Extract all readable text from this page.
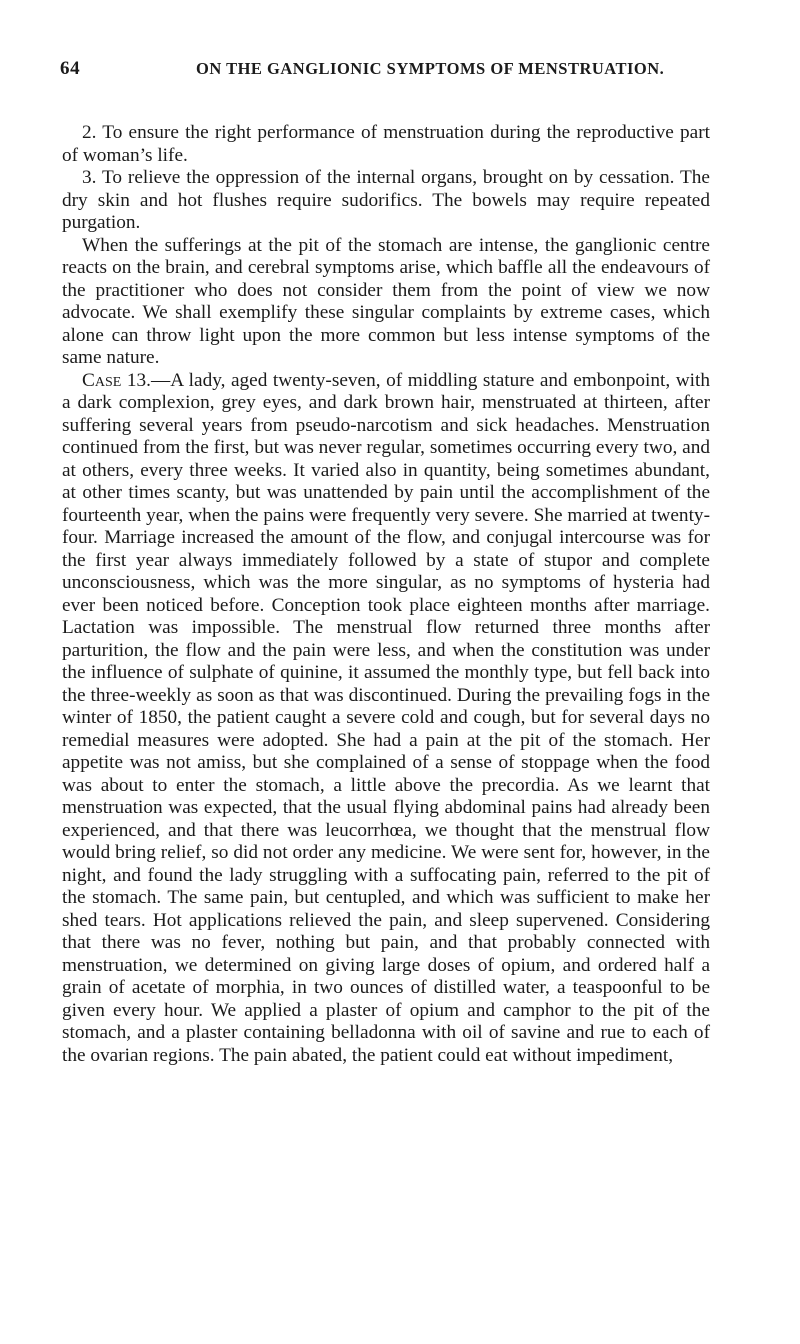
64	ON THE GANGLIONIC SYMPTOMS OF MENSTRUATION.

2. To ensure the right performance of menstruation during the reproductive part of woman’s life.

3. To relieve the oppression of the internal organs, brought on by cessation. The dry skin and hot flushes require sudorifics. The bowels may require repeated purgation.

When the sufferings at the pit of the stomach are intense, the ganglionic centre reacts on the brain, and cerebral symptoms arise, which baffle all the endeavours of the practitioner who does not consider them from the point of view we now advocate. We shall exemplify these singular complaints by extreme cases, which alone can throw light upon the more common but less intense symptoms of the same nature.

Case 13.—A lady, aged twenty-seven, of middling stature and embonpoint, with a dark complexion, grey eyes, and dark brown hair, menstruated at thirteen, after suffering several years from pseudo-narcotism and sick headaches. Menstruation continued from the first, but was never regular, sometimes occurring every two, and at others, every three weeks. It varied also in quantity, being sometimes abundant, at other times scanty, but was unattended by pain until the accomplishment of the fourteenth year, when the pains were frequently very severe. She married at twenty-four. Marriage increased the amount of the flow, and conjugal intercourse was for the first year always immediately followed by a state of stupor and complete unconsciousness, which was the more singular, as no symptoms of hysteria had ever been noticed before. Conception took place eighteen months after marriage. Lactation was impossible. The menstrual flow returned three months after parturition, the flow and the pain were less, and when the constitution was under the influence of sulphate of quinine, it assumed the monthly type, but fell back into the three-weekly as soon as that was discontinued. During the prevailing fogs in the winter of 1850, the patient caught a severe cold and cough, but for several days no remedial measures were adopted. She had a pain at the pit of the stomach. Her appetite was not amiss, but she complained of a sense of stoppage when the food was about to enter the stomach, a little above the precordia. As we learnt that menstruation was expected, that the usual flying abdominal pains had already been experienced, and that there was leucorrhœa, we thought that the menstrual flow would bring relief, so did not order any medicine. We were sent for, however, in the night, and found the lady struggling with a suffocating pain, referred to the pit of the stomach. The same pain, but centupled, and which was sufficient to make her shed tears. Hot applications relieved the pain, and sleep supervened. Considering that there was no fever, nothing but pain, and that probably connected with menstruation, we determined on giving large doses of opium, and ordered half a grain of acetate of morphia, in two ounces of distilled water, a teaspoonful to be given every hour. We applied a plaster of opium and camphor to the pit of the stomach, and a plaster containing belladonna with oil of savine and rue to each of the ovarian regions. The pain abated, the patient could eat without impediment,
